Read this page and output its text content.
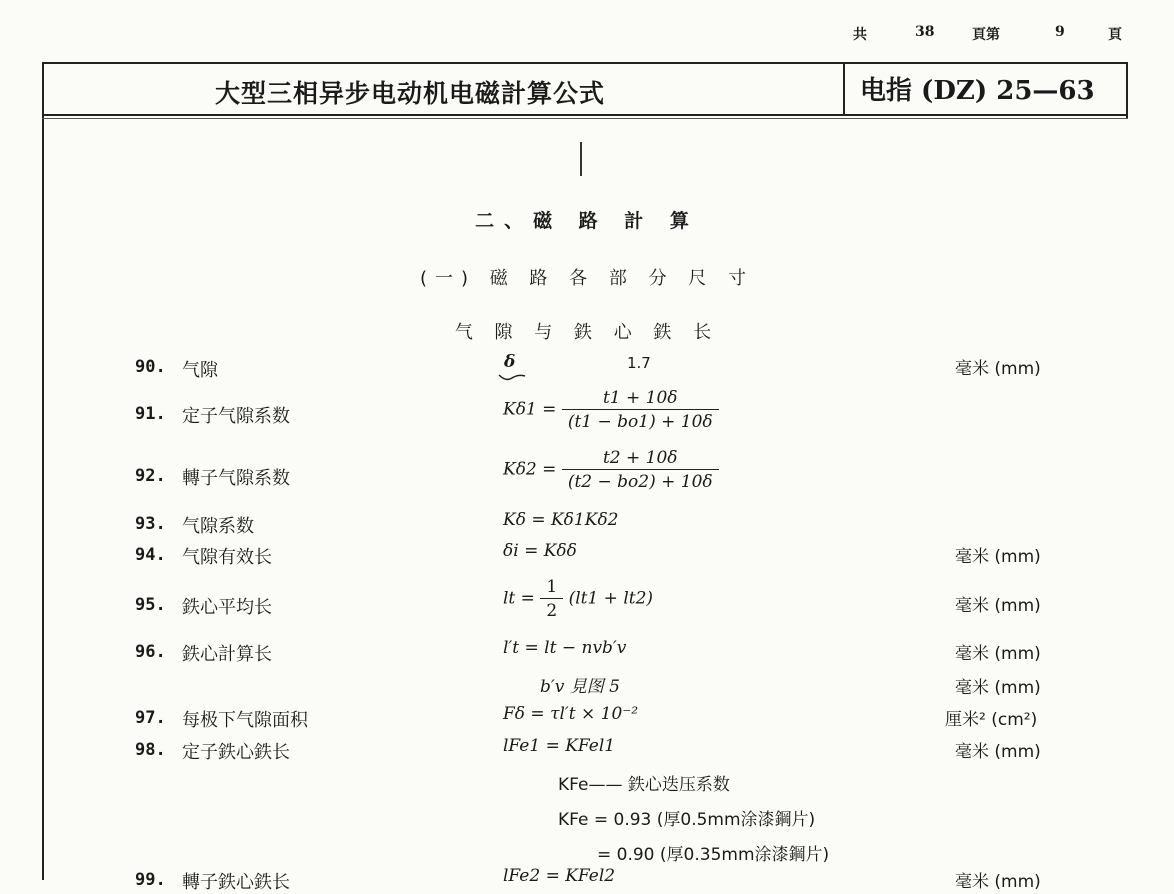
共	38	頁第	9	頁
大型三相异步电动机电磁計算公式	电指 (DZ) 25—63
二、磁 路 計 算
(一) 磁 路 各 部 分 尺 寸
气 隙 与 鉄 心 鉄 长
90. 气隙	δ	1.7	毫米 (mm)
91. 定子气隙系数	$K\delta 1 = \frac{t1 + 10\delta}{(t1 - bo1) + 10\delta}$
92. 轉子气隙系数	$K\delta 2 = \frac{t2 + 10\delta}{(t2 - bo2) + 10\delta}$
93. 气隙系数	Kδ = Kδ1Kδ2
94. 气隙有效长	δi = Kδδ	毫米 (mm)
95. 鉄心平均长	lt = $\frac{1}{2} (lt1 + lt2)$	毫米 (mm)
96. 鉄心計算长	l′t = lt − nvb′v	毫米 (mm)
b′v 見图 5	毫米 (mm)
97. 每极下气隙面积	Fδ = τl′t × 10⁻²	厘米² (cm²)
98. 定子鉄心鉄长	lFe1 = KFel1	毫米 (mm)
KFe—— 鉄心迭压系数
KFe = 0.93 (厚0.5mm涂漆鋼片)
= 0.90 (厚0.35mm涂漆鋼片)
99. 轉子鉄心鉄长	lFe2 = KFel2	毫米 (mm)
